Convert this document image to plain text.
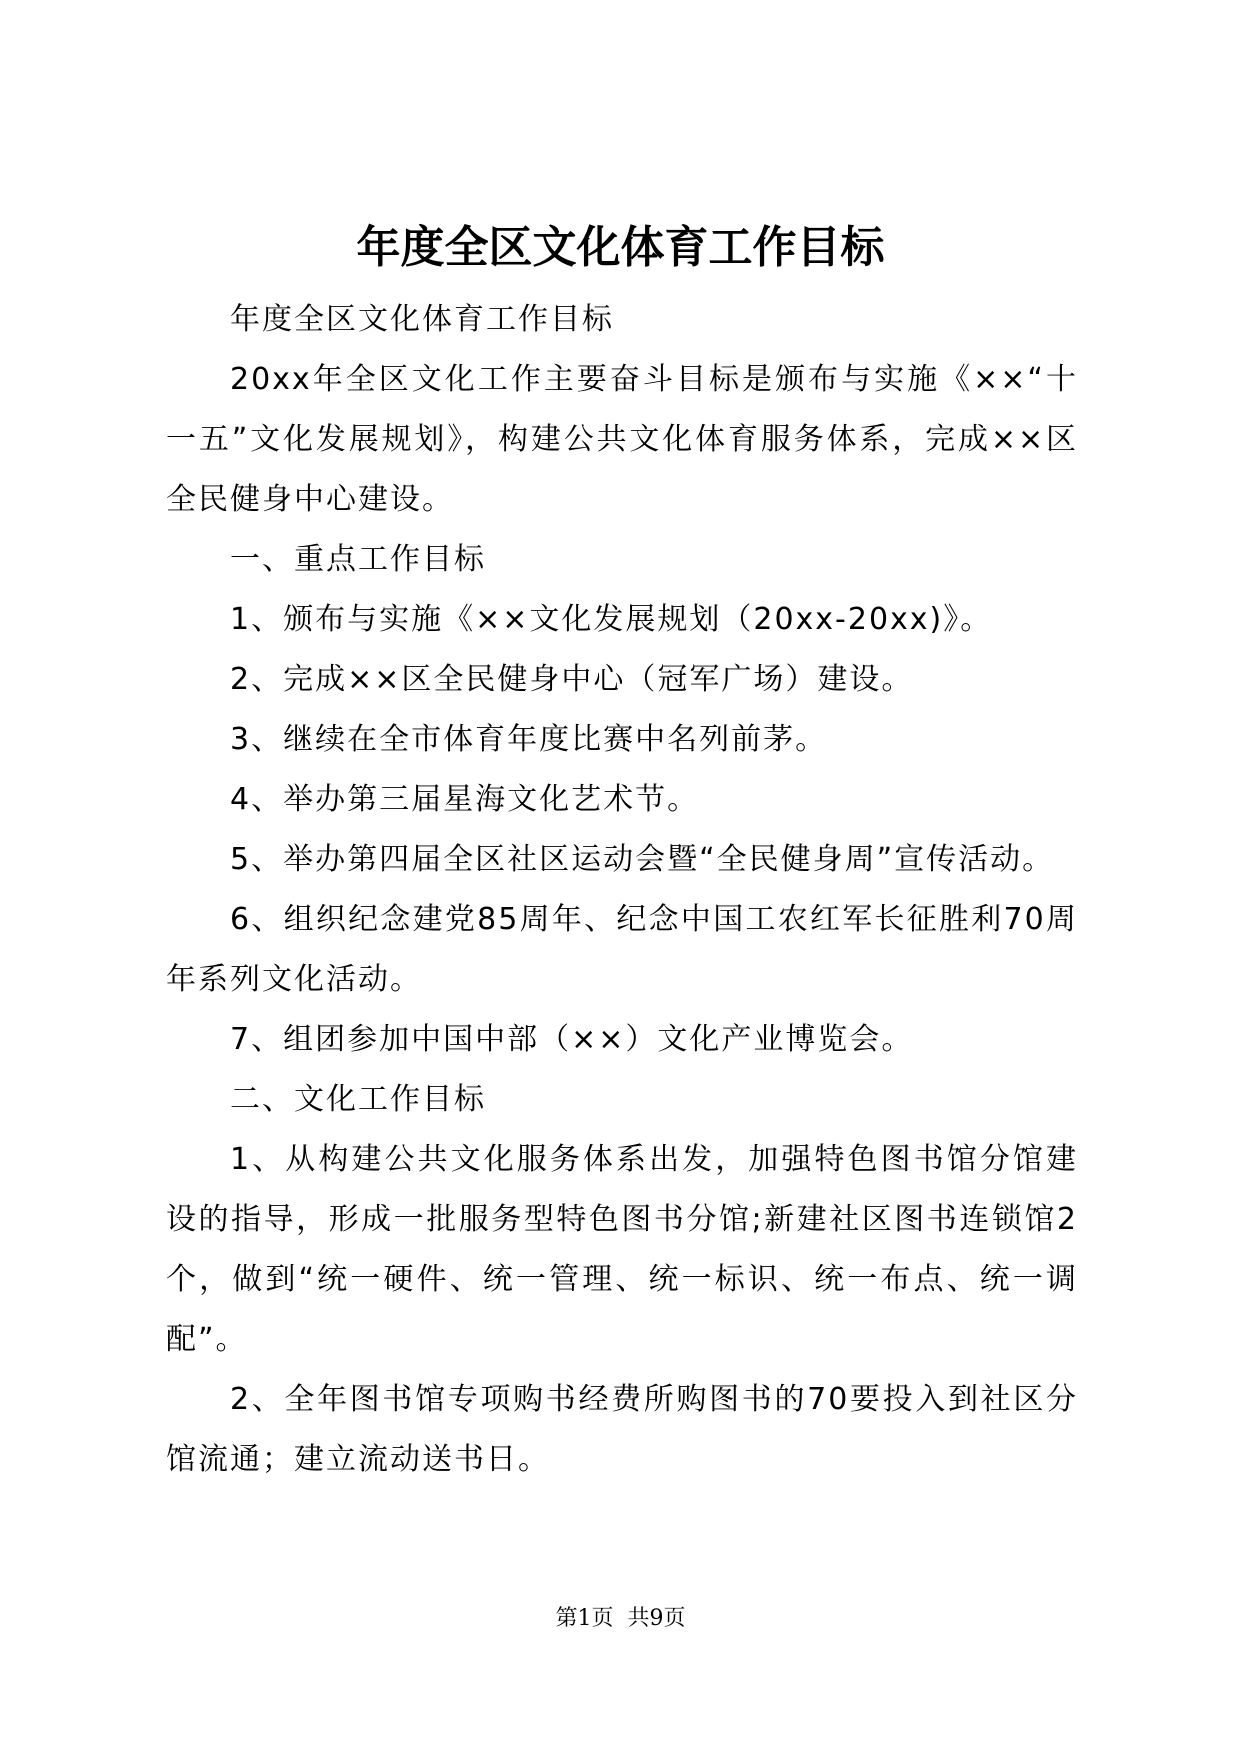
年度全区文化体育工作目标

年度全区文化体育工作目标

20xx年全区文化工作主要奋斗目标是颁布与实施《××“十一五”文化发展规划》，构建公共文化体育服务体系，完成××区全民健身中心建设。

一、重点工作目标

1、颁布与实施《××文化发展规划（20xx-20xx)》。

2、完成××区全民健身中心（冠军广场）建设。

3、继续在全市体育年度比赛中名列前茅。

4、举办第三届星海文化艺术节。

5、举办第四届全区社区运动会暨“全民健身周”宣传活动。

6、组织纪念建党85周年、纪念中国工农红军长征胜利70周年系列文化活动。

7、组团参加中国中部（××）文化产业博览会。

二、文化工作目标

1、从构建公共文化服务体系出发，加强特色图书馆分馆建设的指导，形成一批服务型特色图书分馆;新建社区图书连锁馆2个，做到“统一硬件、统一管理、统一标识、统一布点、统一调配”。

2、全年图书馆专项购书经费所购图书的70要投入到社区分馆流通；建立流动送书日。

第1页 共9页
